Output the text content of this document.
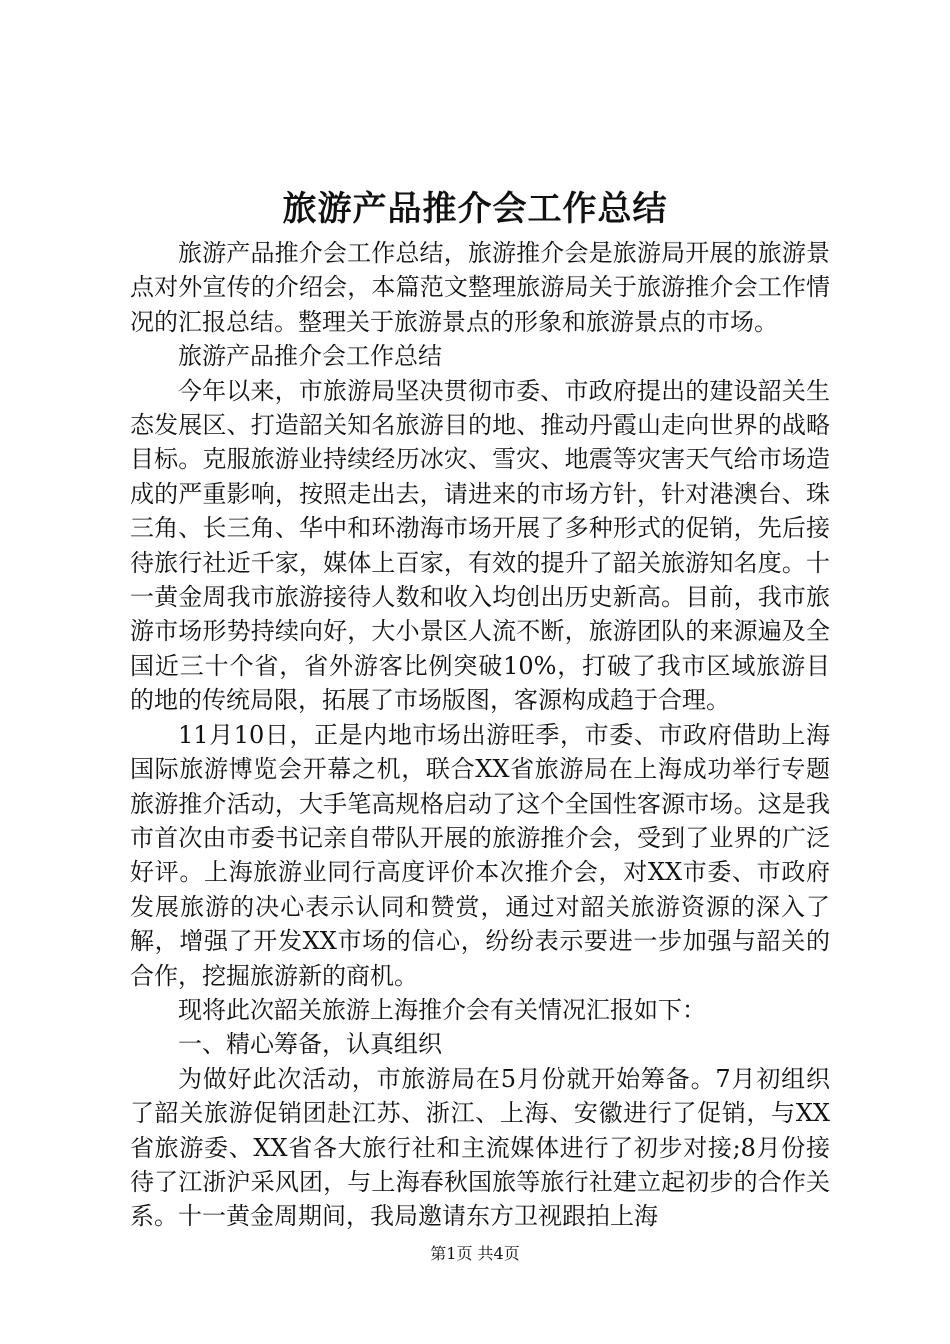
旅游产品推介会工作总结

旅游产品推介会工作总结，旅游推介会是旅游局开展的旅游景点对外宣传的介绍会，本篇范文整理旅游局关于旅游推介会工作情况的汇报总结。整理关于旅游景点的形象和旅游景点的市场。

旅游产品推介会工作总结

今年以来，市旅游局坚决贯彻市委、市政府提出的建设韶关生态发展区、打造韶关知名旅游目的地、推动丹霞山走向世界的战略目标。克服旅游业持续经历冰灾、雪灾、地震等灾害天气给市场造成的严重影响，按照走出去，请进来的市场方针，针对港澳台、珠三角、长三角、华中和环渤海市场开展了多种形式的促销，先后接待旅行社近千家，媒体上百家，有效的提升了韶关旅游知名度。十一黄金周我市旅游接待人数和收入均创出历史新高。目前，我市旅游市场形势持续向好，大小景区人流不断，旅游团队的来源遍及全国近三十个省，省外游客比例突破10%，打破了我市区域旅游目的地的传统局限，拓展了市场版图，客源构成趋于合理。

11月10日，正是内地市场出游旺季，市委、市政府借助上海国际旅游博览会开幕之机，联合XX省旅游局在上海成功举行专题旅游推介活动，大手笔高规格启动了这个全国性客源市场。这是我市首次由市委书记亲自带队开展的旅游推介会，受到了业界的广泛好评。上海旅游业同行高度评价本次推介会，对XX市委、市政府发展旅游的决心表示认同和赞赏，通过对韶关旅游资源的深入了解，增强了开发XX市场的信心，纷纷表示要进一步加强与韶关的合作，挖掘旅游新的商机。

现将此次韶关旅游上海推介会有关情况汇报如下：

一、精心筹备，认真组织

为做好此次活动，市旅游局在5月份就开始筹备。7月初组织了韶关旅游促销团赴江苏、浙江、上海、安徽进行了促销，与XX省旅游委、XX省各大旅行社和主流媒体进行了初步对接;8月份接待了江浙沪采风团，与上海春秋国旅等旅行社建立起初步的合作关系。十一黄金周期间，我局邀请东方卫视跟拍上海

第1页 共4页
